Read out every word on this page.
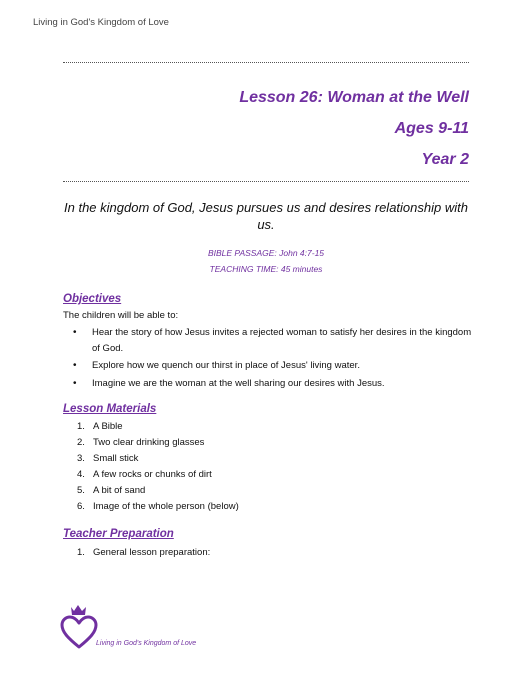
Living in God's Kingdom of Love
Lesson 26: Woman at the Well
Ages 9-11
Year 2
In the kingdom of God, Jesus pursues us and desires relationship with us.
BIBLE PASSAGE: John 4:7-15
TEACHING TIME: 45 minutes
Objectives
The children will be able to:
• Hear the story of how Jesus invites a rejected woman to satisfy her desires in the kingdom of God.
• Explore how we quench our thirst in place of Jesus' living water.
• Imagine we are the woman at the well sharing our desires with Jesus.
Lesson Materials
1. A Bible
2. Two clear drinking glasses
3. Small stick
4. A few rocks or chunks of dirt
5. A bit of sand
6. Image of the whole person (below)
Teacher Preparation
1. General lesson preparation:
Living in God's Kingdom of Love
